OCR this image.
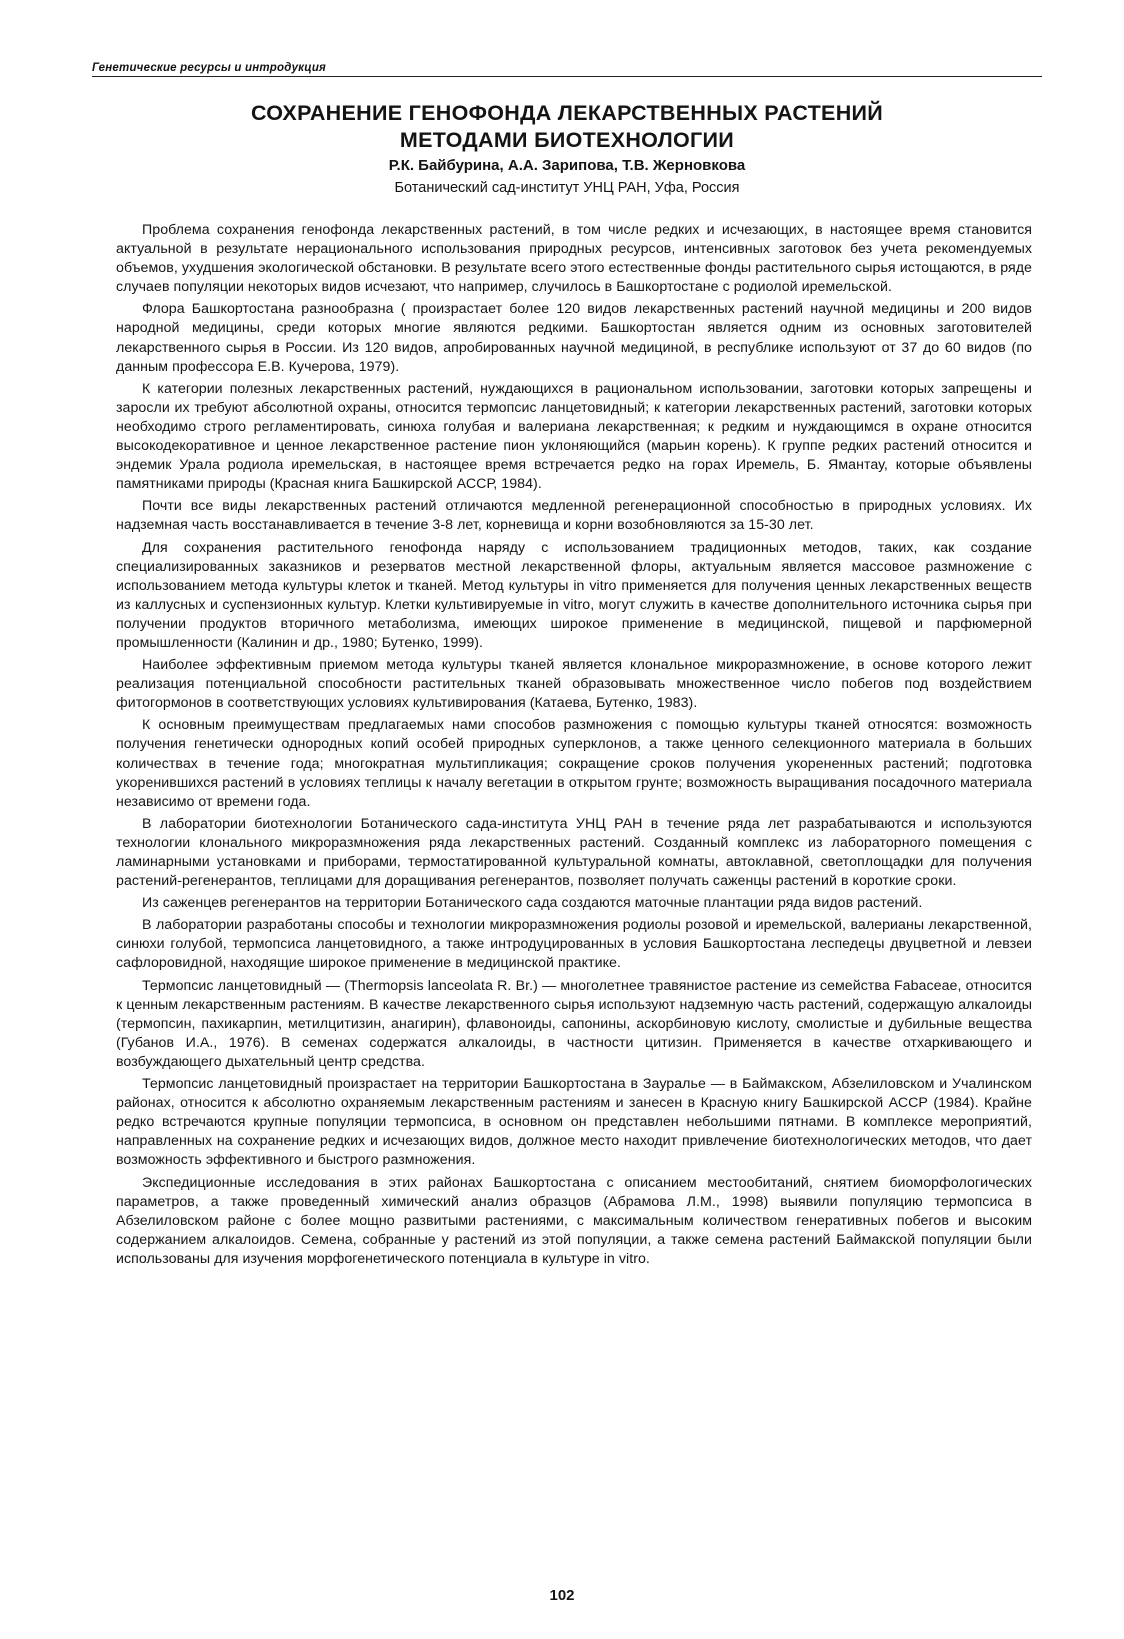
Генетические ресурсы и интродукция
СОХРАНЕНИЕ ГЕНОФОНДА ЛЕКАРСТВЕННЫХ РАСТЕНИЙ
МЕТОДАМИ БИОТЕХНОЛОГИИ
Р.К. Байбурина, А.А. Зарипова, Т.В. Жерновкова
Ботанический сад-институт УНЦ РАН, Уфа, Россия

Проблема сохранения генофонда лекарственных растений, в том числе редких и исчезающих, в настоящее время становится актуальной в результате нерационального использования природных ресурсов, интенсивных заготовок без учета рекомендуемых объемов, ухудшения экологической обстановки. В результате всего этого естественные фонды растительного сырья истощаются, в ряде случаев популяции некоторых видов исчезают, что например, случилось в Башкортостане с родиолой иремельской.

Флора Башкортостана разнообразна ( произрастает более 120 видов лекарственных растений научной медицины и 200 видов народной медицины, среди которых многие являются редкими. Башкортостан является одним из основных заготовителей лекарственного сырья в России. Из 120 видов, апробированных научной медициной, в республике используют от 37 до 60 видов (по данным профессора Е.В. Кучерова, 1979).

К категории полезных лекарственных растений, нуждающихся в рациональном использовании, заготовки которых запрещены и заросли их требуют абсолютной охраны, относится термопсис ланцетовидный; к категории лекарственных растений, заготовки которых необходимо строго регламентировать, синюха голубая и валериана лекарственная; к редким и нуждающимся в охране относится высокодекоративное и ценное лекарственное растение пион уклоняющийся (марьин корень). К группе редких растений относится и эндемик Урала родиола иремельская, в настоящее время встречается редко на горах Иремель, Б. Ямантау, которые объявлены памятниками природы (Красная книга Башкирской АССР, 1984).

Почти все виды лекарственных растений отличаются медленной регенерационной способностью в природных условиях. Их надземная часть восстанавливается в течение 3-8 лет, корневища и корни возобновляются за 15-30 лет.

Для сохранения растительного генофонда наряду с использованием традиционных методов, таких, как создание специализированных заказников и резерватов местной лекарственной флоры, актуальным является массовое размножение с использованием метода культуры клеток и тканей. Метод культуры in vitro применяется для получения ценных лекарственных веществ из каллусных и суспензионных культур. Клетки культивируемые in vitro, могут служить в качестве дополнительного источника сырья при получении продуктов вторичного метаболизма, имеющих широкое применение в медицинской, пищевой и парфюмерной промышленности (Калинин и др., 1980; Бутенко, 1999).

Наиболее эффективным приемом метода культуры тканей является клональное микроразмножение, в основе которого лежит реализация потенциальной способности растительных тканей образовывать множественное число побегов под воздействием фитогормонов в соответствующих условиях культивирования (Катаева, Бутенко, 1983).

К основным преимуществам предлагаемых нами способов размножения с помощью культуры тканей относятся: возможность получения генетически однородных копий особей природных суперклонов, а также ценного селекционного материала в больших количествах в течение года; многократная мультипликация; сокращение сроков получения укорененных растений; подготовка укоренившихся растений в условиях теплицы к началу вегетации в открытом грунте; возможность выращивания посадочного материала независимо от времени года.

В лаборатории биотехнологии Ботанического сада-института УНЦ РАН в течение ряда лет разрабатываются и используются технологии клонального микроразмножения ряда лекарственных растений. Созданный комплекс из лабораторного помещения с ламинарными установками и приборами, термостатированной культуральной комнаты, автоклавной, светоплощадки для получения растений-регенерантов, теплицами для доращивания регенерантов, позволяет получать саженцы растений в короткие сроки.

Из саженцев регенерантов на территории Ботанического сада создаются маточные плантации ряда видов растений.

В лаборатории разработаны способы и технологии микроразмножения родиолы розовой и иремельской, валерианы лекарственной, синюхи голубой, термопсиса ланцетовидного, а также интродуцированных в условия Башкортостана леспедецы двуцветной и левзеи сафлоровидной, находящие широкое применение в медицинской практике.

Термопсис ланцетовидный — (Thermopsis lanceolata R. Br.) — многолетнее травянистое растение из семейства Fabaceae, относится к ценным лекарственным растениям. В качестве лекарственного сырья используют надземную часть растений, содержащую алкалоиды (термопсин, пахикарпин, метилцитизин, анагирин), флавоноиды, сапонины, аскорбиновую кислоту, смолистые и дубильные вещества (Губанов И.А., 1976). В семенах содержатся алкалоиды, в частности цитизин. Применяется в качестве отхаркивающего и возбуждающего дыхательный центр средства.

Термопсис ланцетовидный произрастает на территории Башкортостана в Зауралье — в Баймакском, Абзелиловском и Учалинском районах, относится к абсолютно охраняемым лекарственным растениям и занесен в Красную книгу Башкирской АССР (1984). Крайне редко встречаются крупные популяции термопсиса, в основном он представлен небольшими пятнами. В комплексе мероприятий, направленных на сохранение редких и исчезающих видов, должное место находит привлечение биотехнологических методов, что дает возможность эффективного и быстрого размножения.

Экспедиционные исследования в этих районах Башкортостана с описанием местообитаний, снятием биоморфологических параметров, а также проведенный химический анализ образцов (Абрамова Л.М., 1998) выявили популяцию термопсиса в Абзелиловском районе с более мощно развитыми растениями, с максимальным количеством генеративных побегов и высоким содержанием алкалоидов. Семена, собранные у растений из этой популяции, а также семена растений Баймакской популяции были использованы для изучения морфогенетического потенциала в культуре in vitro.

102
